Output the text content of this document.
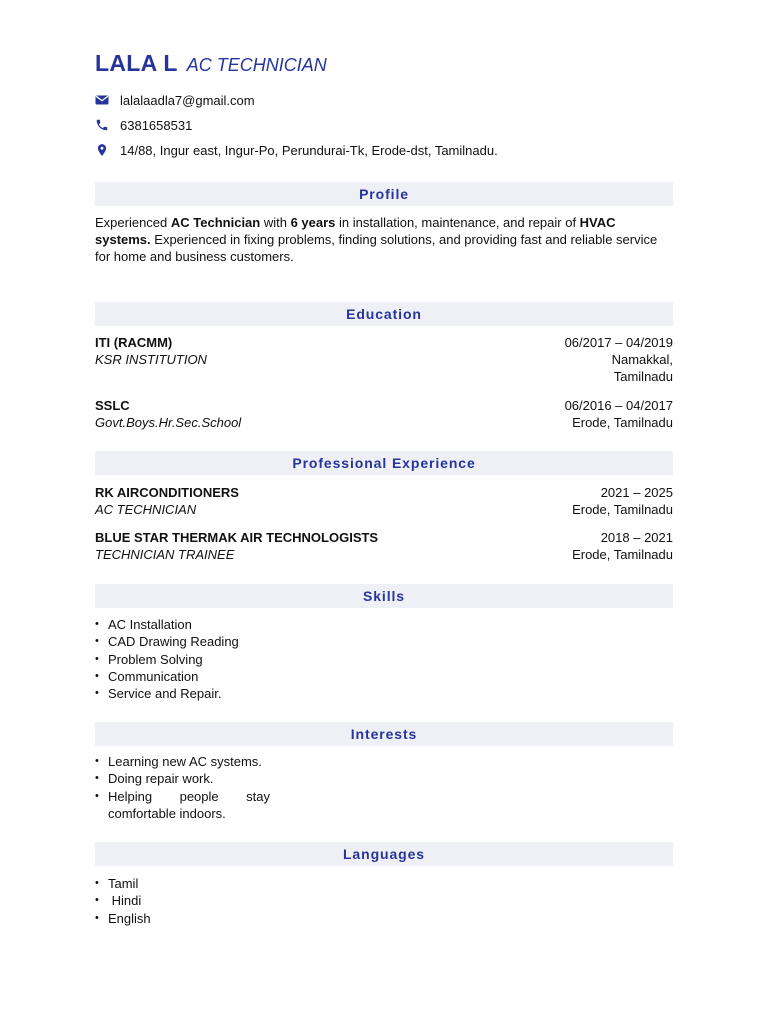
LALA L AC TECHNICIAN
lalalaadla7@gmail.com
6381658531
14/88, Ingur east, Ingur-Po, Perundurai-Tk, Erode-dst, Tamilnadu.
Profile
Experienced AC Technician with 6 years in installation, maintenance, and repair of HVAC systems. Experienced in fixing problems, finding solutions, and providing fast and reliable service for home and business customers.
Education
ITI (RACMM)
KSR INSTITUTION
06/2017 – 04/2019
Namakkal,
Tamilnadu
SSLC
Govt.Boys.Hr.Sec.School
06/2016 – 04/2017
Erode, Tamilnadu
Professional Experience
RK AIRCONDITIONERS
AC TECHNICIAN
2021 – 2025
Erode, Tamilnadu
BLUE STAR THERMAK AIR TECHNOLOGISTS
TECHNICIAN TRAINEE
2018 – 2021
Erode, Tamilnadu
Skills
• AC Installation
• CAD Drawing Reading
• Problem Solving
• Communication
• Service and Repair.
Interests
• Learning new AC systems.
• Doing repair work.
• Helping people stay comfortable indoors.
Languages
• Tamil
•  Hindi
• English
